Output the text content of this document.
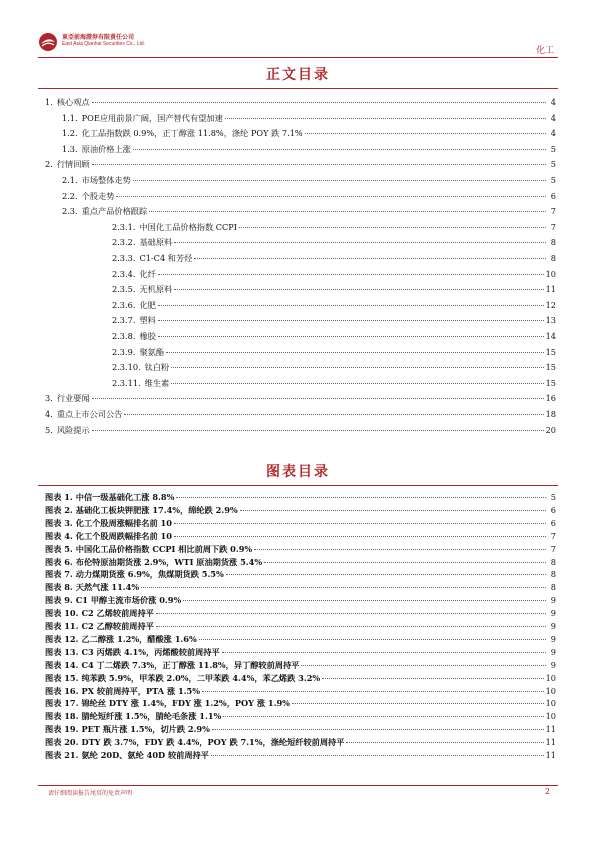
東亞前海證券有限責任公司
East Asia Qianhai Securities Co., Ltd.
化工
正文目录
1. 核心观点	4
1.1. POE应用前景广阔，国产替代有望加速	4
1.2. 化工品指数跌 0.9%，正丁醇涨 11.8%，涤纶 POY 跌 7.1%	4
1.3. 原油价格上涨	5
2. 行情回顾	5
2.1. 市场整体走势	5
2.2. 个股走势	6
2.3. 重点产品价格跟踪	7
2.3.1. 中国化工品价格指数 CCPI	7
2.3.2. 基础原料	8
2.3.3. C1-C4 和芳烃	8
2.3.4. 化纤	10
2.3.5. 无机原料	11
2.3.6. 化肥	12
2.3.7. 塑料	13
2.3.8. 橡胶	14
2.3.9. 聚氨酯	15
2.3.10. 钛白粉	15
2.3.11. 维生素	15
3. 行业要闻	16
4. 重点上市公司公告	18
5. 风险提示	20
图表目录
图表 1. 中信一级基础化工涨 8.8%	5
图表 2. 基础化工板块钾肥涨 17.4%，绵纶跌 2.9%	6
图表 3. 化工个股周涨幅排名前 10	6
图表 4. 化工个股周跌幅排名前 10	7
图表 5. 中国化工品价格指数 CCPI 相比前周下跌 0.9%	7
图表 6. 布伦特原油期货涨 2.9%，WTI 原油期货涨 5.4%	8
图表 7. 动力煤期货涨 6.9%，焦煤期货跌 5.5%	8
图表 8. 天然气涨 11.4%	8
图表 9. C1 甲醇主流市场价涨 0.9%	9
图表 10. C2 乙烯较前周持平	9
图表 11. C2 乙醇较前周持平	9
图表 12. 乙二醇涨 1.2%，醋酸涨 1.6%	9
图表 13. C3 丙烯跌 4.1%，丙烯酸较前周持平	9
图表 14. C4 丁二烯跌 7.3%，正丁醇涨 11.8%，异丁醇较前周持平	9
图表 15. 纯苯跌 5.9%，甲苯跌 2.0%，二甲苯跌 4.4%，苯乙烯跌 3.2%	10
图表 16. PX 较前周持平，PTA 涨 1.5%	10
图表 17. 锦纶丝 DTY 涨 1.4%，FDY 涨 1.2%，POY 涨 1.9%	10
图表 18. 腈纶短纤涨 1.5%，腈纶毛条涨 1.1%	10
图表 19. PET 瓶片涨 1.5%，切片跌 2.9%	11
图表 20. DTY 跌 3.7%，FDY 跌 4.4%，POY 跌 7.1%，涤纶短纤较前周持平	11
图表 21. 氨纶 20D、氨纶 40D 较前周持平	11
请仔细阅读报告尾页的免责声明	2
